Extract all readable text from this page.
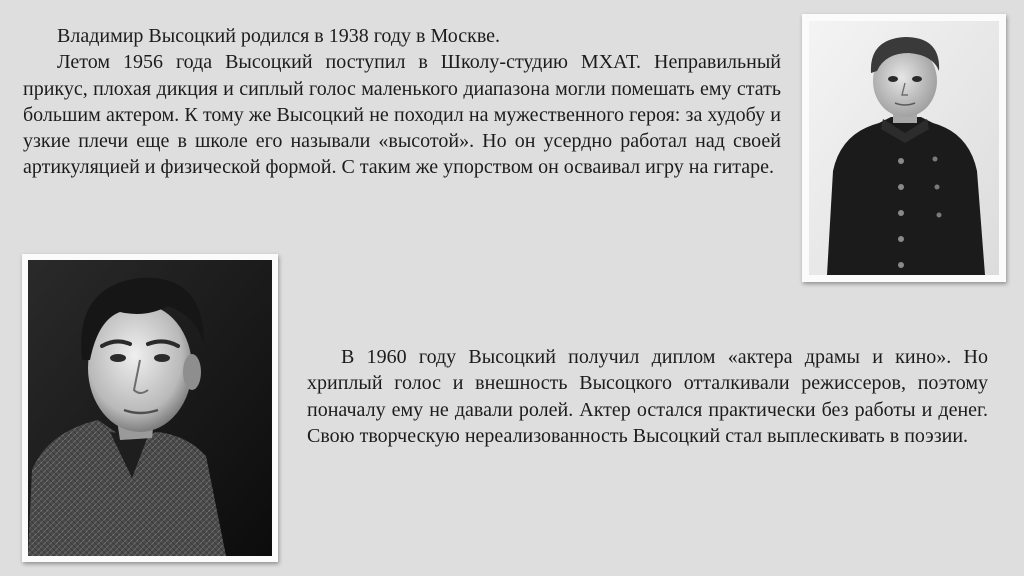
Владимир Высоцкий родился в 1938 году в Москве.

Летом 1956 года Высоцкий поступил в Школу-студию МХАТ. Неправильный прикус, плохая дикция и сиплый голос маленького диапазона могли помешать ему стать большим актером. К тому же Высоцкий не походил на мужественного героя: за худобу и узкие плечи еще в школе его называли «высотой». Но он усердно работал над своей артикуляцией и физической формой. С таким же упорством он осваивал игру на гитаре.

В 1960 году Высоцкий получил диплом «актера драмы и кино». Но хриплый голос и внешность Высоцкого отталкивали режиссеров, поэтому поначалу ему не давали ролей. Актер остался практически без работы и денег. Свою творческую нереализованность Высоцкий стал выплескивать в поэзии.
